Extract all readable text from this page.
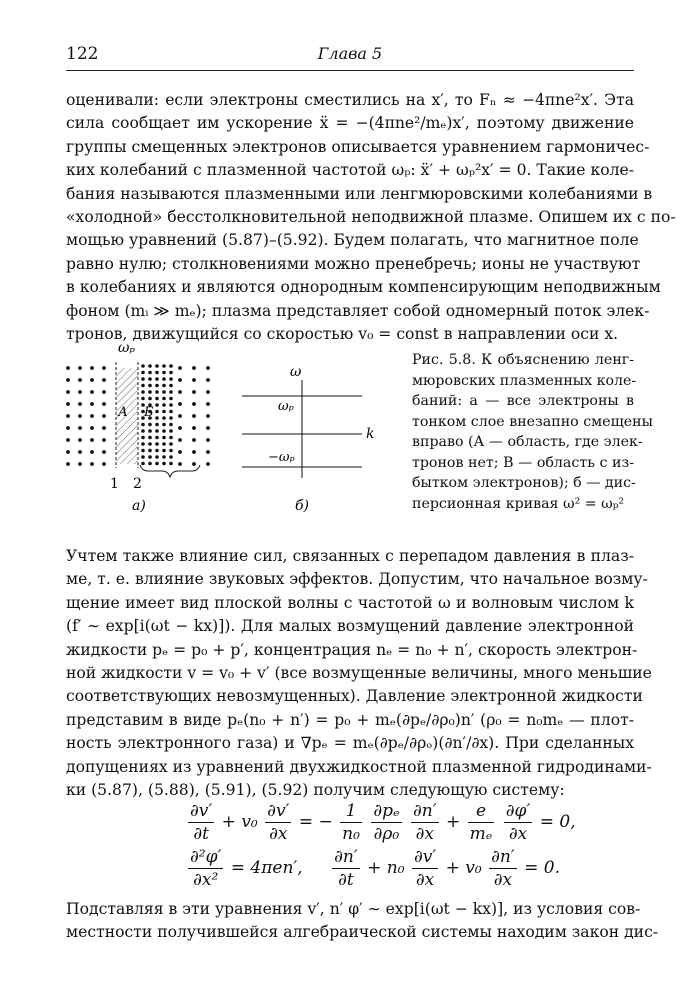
122	Глава 5
оценивали: если электроны сместились на x′, то Fₙ ≈ −4πne²x′. Эта
сила сообщает им ускорение ẍ = −(4πne²/mₑ)x′, поэтому движение
группы смещенных электронов описывается уравнением гармоничес-
ких колебаний с плазменной частотой ωₚ: ẍ′ + ωₚ²x′ = 0. Такие коле-
бания называются плазменными или ленгмюровскими колебаниями в
«холодной» бесстолкновительной неподвижной плазме. Опишем их с по-
мощью уравнений (5.87)–(5.92). Будем полагать, что магнитное поле
равно нулю; столкновениями можно пренебречь; ионы не участвуют
в колебаниях и являются однородным компенсирующим неподвижным
фоном (mᵢ ≫ mₑ); плазма представляет собой одномерный поток элек-
тронов, движущийся со скоростью v₀ = const в направлении оси x.
ωₚ
А Б
1 2
а)
ω
k
ωₚ
−ωₚ
б)
Рис. 5.8. К объяснению ленг-
мюровских плазменных коле-
баний: а — все электроны в
тонком слое внезапно смещены
вправо (А — область, где элек-
тронов нет; В — область с из-
бытком электронов); б — дис-
персионная кривая ω² = ωₚ²
Учтем также влияние сил, связанных с перепадом давления в плаз-
ме, т. е. влияние звуковых эффектов. Допустим, что начальное возму-
щение имеет вид плоской волны с частотой ω и волновым числом k
(f′ ∼ exp[i(ωt − kx)]). Для малых возмущений давление электронной
жидкости pₑ = p₀ + p′, концентрация nₑ = n₀ + n′, скорость электрон-
ной жидкости v = v₀ + v′ (все возмущенные величины, много меньшие
соответствующих невозмущенных). Давление электронной жидкости
представим в виде pₑ(n₀ + n′) = p₀ + mₑ(∂pₑ/∂ρ₀)n′ (ρ₀ = n₀mₑ — плот-
ность электронного газа) и ∇pₑ = mₑ(∂pₑ/∂ρₒ)(∂n′/∂x). При сделанных
допущениях из уравнений двухжидкостной плазменной гидродинами-
ки (5.87), (5.88), (5.91), (5.92) получим следующую систему:
$\frac{\partial v'}{\partial t} + v_0 \frac{\partial v'}{\partial x}$ = − $\frac{1}{\text{n₀}}$
$\frac{\text{∂pₑ}}{\text{∂ρ₀}}$
$\frac{\partial n'}{\partial x} + \frac{e}{\text{mₑ}}$
$\frac{\partial\varphi'}{\partial x} = 0$,
$\frac{\text{∂²φ′}}{\text{∂x²}} = 4\pi en'$, $\frac{\partial n'}{\partial t} + n_0 \frac{\partial v'}{\partial x} + v_0 \frac{\partial n'}{\partial x} = 0$.
Подставляя в эти уравнения v′, n′ φ′ ∼ exp[i(ωt − kx)], из условия сов-
местности получившейся алгебраической системы находим закон дис-
